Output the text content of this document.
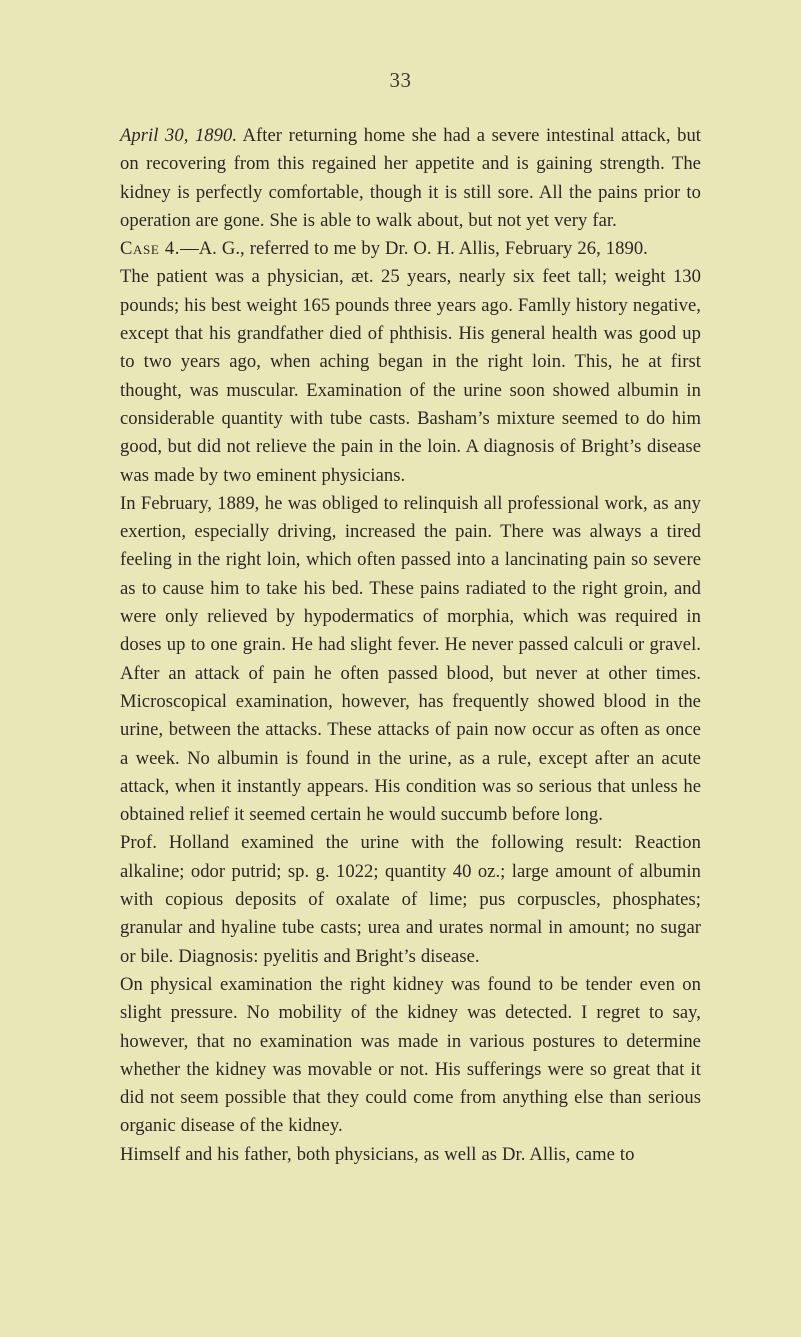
33

April 30, 1890. After returning home she had a severe intestinal attack, but on recovering from this regained her appetite and is gaining strength. The kidney is perfectly comfortable, though it is still sore. All the pains prior to operation are gone. She is able to walk about, but not yet very far.

Case 4.—A. G., referred to me by Dr. O. H. Allis, February 26, 1890.

The patient was a physician, æt. 25 years, nearly six feet tall; weight 130 pounds; his best weight 165 pounds three years ago. Famlly history negative, except that his grandfather died of phthisis. His general health was good up to two years ago, when aching began in the right loin. This, he at first thought, was muscular. Examination of the urine soon showed albumin in considerable quantity with tube casts. Basham’s mixture seemed to do him good, but did not relieve the pain in the loin. A diagnosis of Bright’s disease was made by two eminent physicians.

In February, 1889, he was obliged to relinquish all professional work, as any exertion, especially driving, increased the pain. There was always a tired feeling in the right loin, which often passed into a lancinating pain so severe as to cause him to take his bed. These pains radiated to the right groin, and were only relieved by hypodermatics of morphia, which was required in doses up to one grain. He had slight fever. He never passed calculi or gravel. After an attack of pain he often passed blood, but never at other times. Microscopical examination, however, has frequently showed blood in the urine, between the attacks. These attacks of pain now occur as often as once a week. No albumin is found in the urine, as a rule, except after an acute attack, when it instantly appears. His condition was so serious that unless he obtained relief it seemed certain he would succumb before long.

Prof. Holland examined the urine with the following result: Reaction alkaline; odor putrid; sp. g. 1022; quantity 40 oz.; large amount of albumin with copious deposits of oxalate of lime; pus corpuscles, phosphates; granular and hyaline tube casts; urea and urates normal in amount; no sugar or bile. Diagnosis: pyelitis and Bright’s disease.

On physical examination the right kidney was found to be tender even on slight pressure. No mobility of the kidney was detected. I regret to say, however, that no examination was made in various postures to determine whether the kidney was movable or not. His sufferings were so great that it did not seem possible that they could come from anything else than serious organic disease of the kidney.

Himself and his father, both physicians, as well as Dr. Allis, came to
